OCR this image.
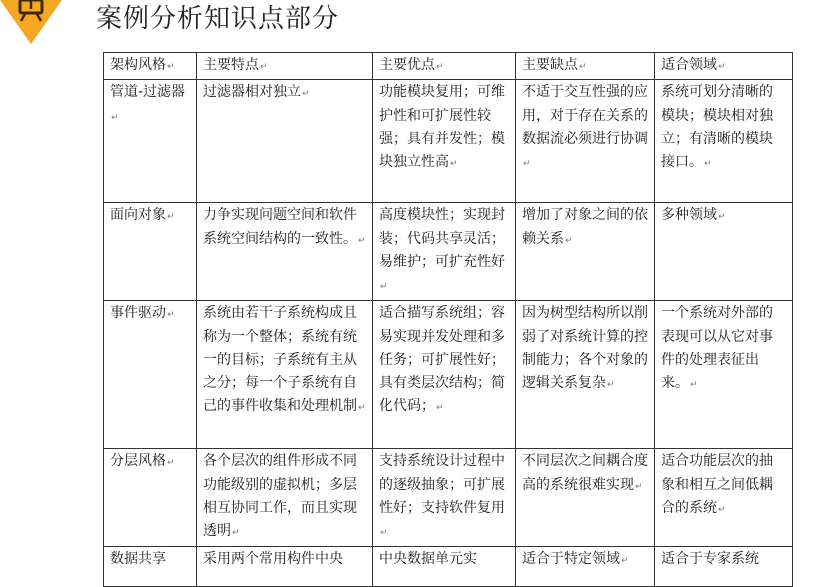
案例分析知识点部分
架构风格↵	主要特点↵	主要优点↵	主要缺点↵	适合领域↵
管道-过滤器↵	过滤器相对独立↵	功能模块复用；可维护性和可扩展性较强；具有并发性；模块独立性高↵	不适于交互性强的应用，对于存在关系的数据流必须进行协调↵	系统可划分清晰的模块；模块相对独立；有清晰的模块接口。↵
面向对象↵	力争实现问题空间和软件系统空间结构的一致性。↵	高度模块性；实现封装；代码共享灵活；易维护；可扩充性好↵	增加了对象之间的依赖关系↵	多种领域↵
事件驱动↵	系统由若干子系统构成且称为一个整体；系统有统一的目标；子系统有主从之分；每一个子系统有自己的事件收集和处理机制↵	适合描写系统组；容易实现并发处理和多任务；可扩展性好；具有类层次结构；简化代码；↵	因为树型结构所以削弱了对系统计算的控制能力；各个对象的逻辑关系复杂↵	一个系统对外部的表现可以从它对事件的处理表征出来。↵
分层风格↵	各个层次的组件形成不同功能级别的虚拟机；多层相互协同工作，而且实现透明↵	支持系统设计过程中的逐级抽象；可扩展性好；支持软件复用↵	不同层次之间耦合度高的系统很难实现↵	适合功能层次的抽象和相互之间低耦合的系统↵
数据共享	采用两个常用构件中央	中央数据单元实	适合于特定领域↵	适合于专家系统
